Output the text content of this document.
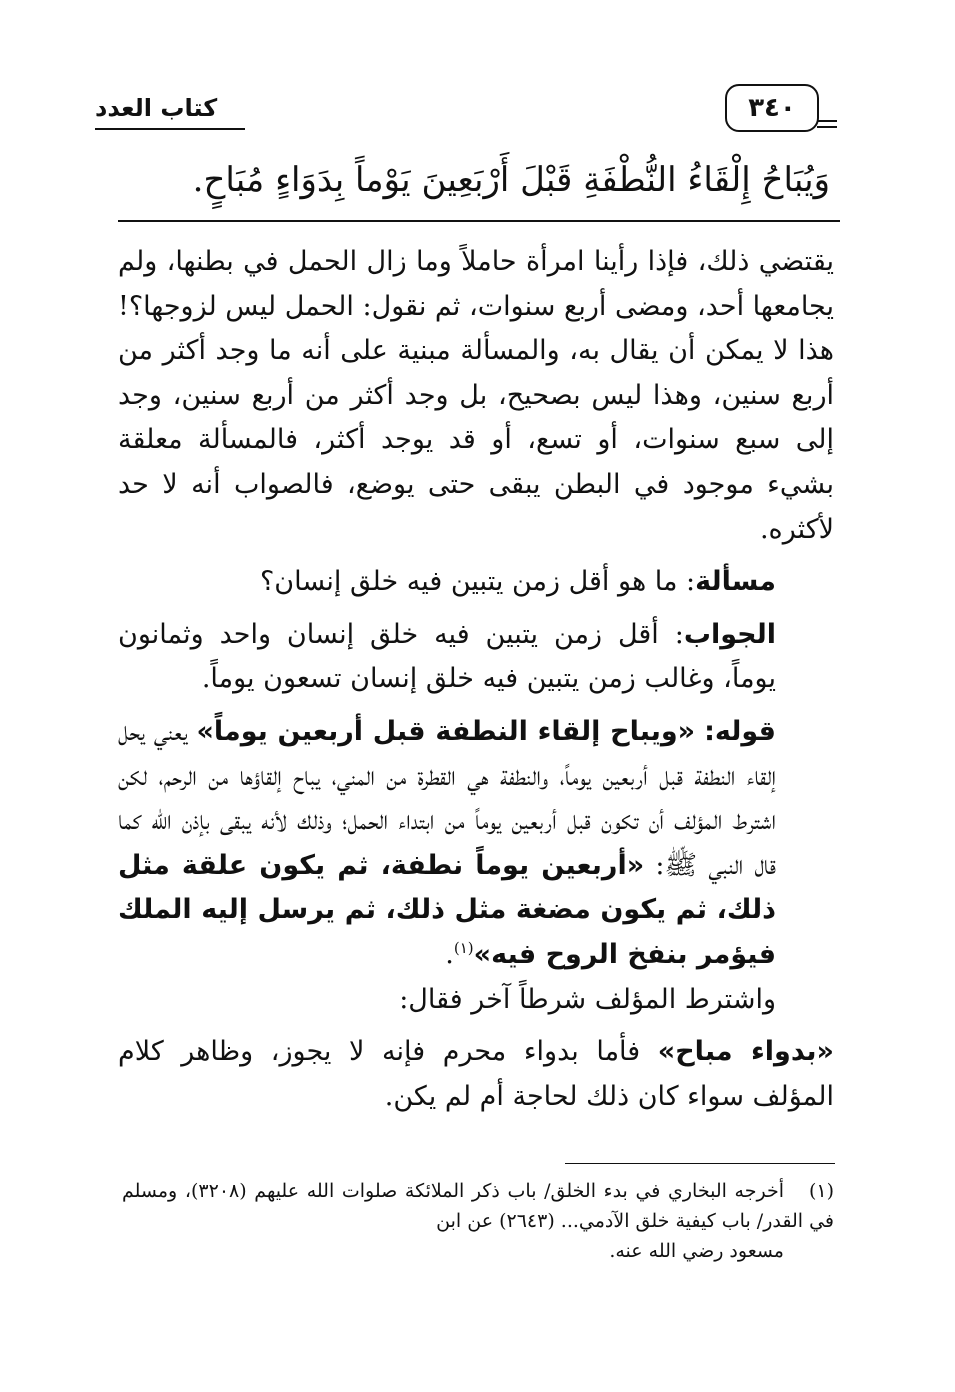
كتاب العدد	٣٤٠
وَيُبَاحُ إِلْقَاءُ النُّطْفَةِ قَبْلَ أَرْبَعِينَ يَوْماً بِدَوَاءٍ مُبَاحٍ.

يقتضي ذلك، فإذا رأينا امرأة حاملاً وما زال الحمل في بطنها، ولم يجامعها أحد، ومضى أربع سنوات، ثم نقول: الحمل ليس لزوجها؟! هذا لا يمكن أن يقال به، والمسألة مبنية على أنه ما وجد أكثر من أربع سنين، وهذا ليس بصحيح، بل وجد أكثر من أربع سنين، وجد إلى سبع سنوات، أو تسع، أو قد يوجد أكثر، فالمسألة معلقة بشيء موجود في البطن يبقى حتى يوضع، فالصواب أنه لا حد لأكثره.

مسألة: ما هو أقل زمن يتبين فيه خلق إنسان؟

الجواب: أقل زمن يتبين فيه خلق إنسان واحد وثمانون يوماً، وغالب زمن يتبين فيه خلق إنسان تسعون يوماً.

قوله: «ويباح إلقاء النطفة قبل أربعين يوماً» يعني يحل إلقاء النطفة قبل أربعين يوماً، والنطفة هي القطرة من المني، يباح إلقاؤها من الرحم، لكن اشترط المؤلف أن تكون قبل أربعين يوماً من ابتداء الحمل؛ وذلك لأنه يبقى بإذن الله كما قال النبي ﷺ: «أربعين يوماً نطفة، ثم يكون علقة مثل ذلك، ثم يكون مضغة مثل ذلك، ثم يرسل إليه الملك فيؤمر بنفخ الروح فيه»$^{(١)}$.

واشترط المؤلف شرطاً آخر فقال:

«بدواء مباح» فأما بدواء محرم فإنه لا يجوز، وظاهر كلام المؤلف سواء كان ذلك لحاجة أم لم يكن.

(١)أخرجه البخاري في بدء الخلق/ باب ذكر الملائكة صلوات الله عليهم (٣٢٠٨)، ومسلم في القدر/ باب كيفية خلق الآدمي... (٢٦٤٣) عن ابن

مسعود رضي الله عنه.
